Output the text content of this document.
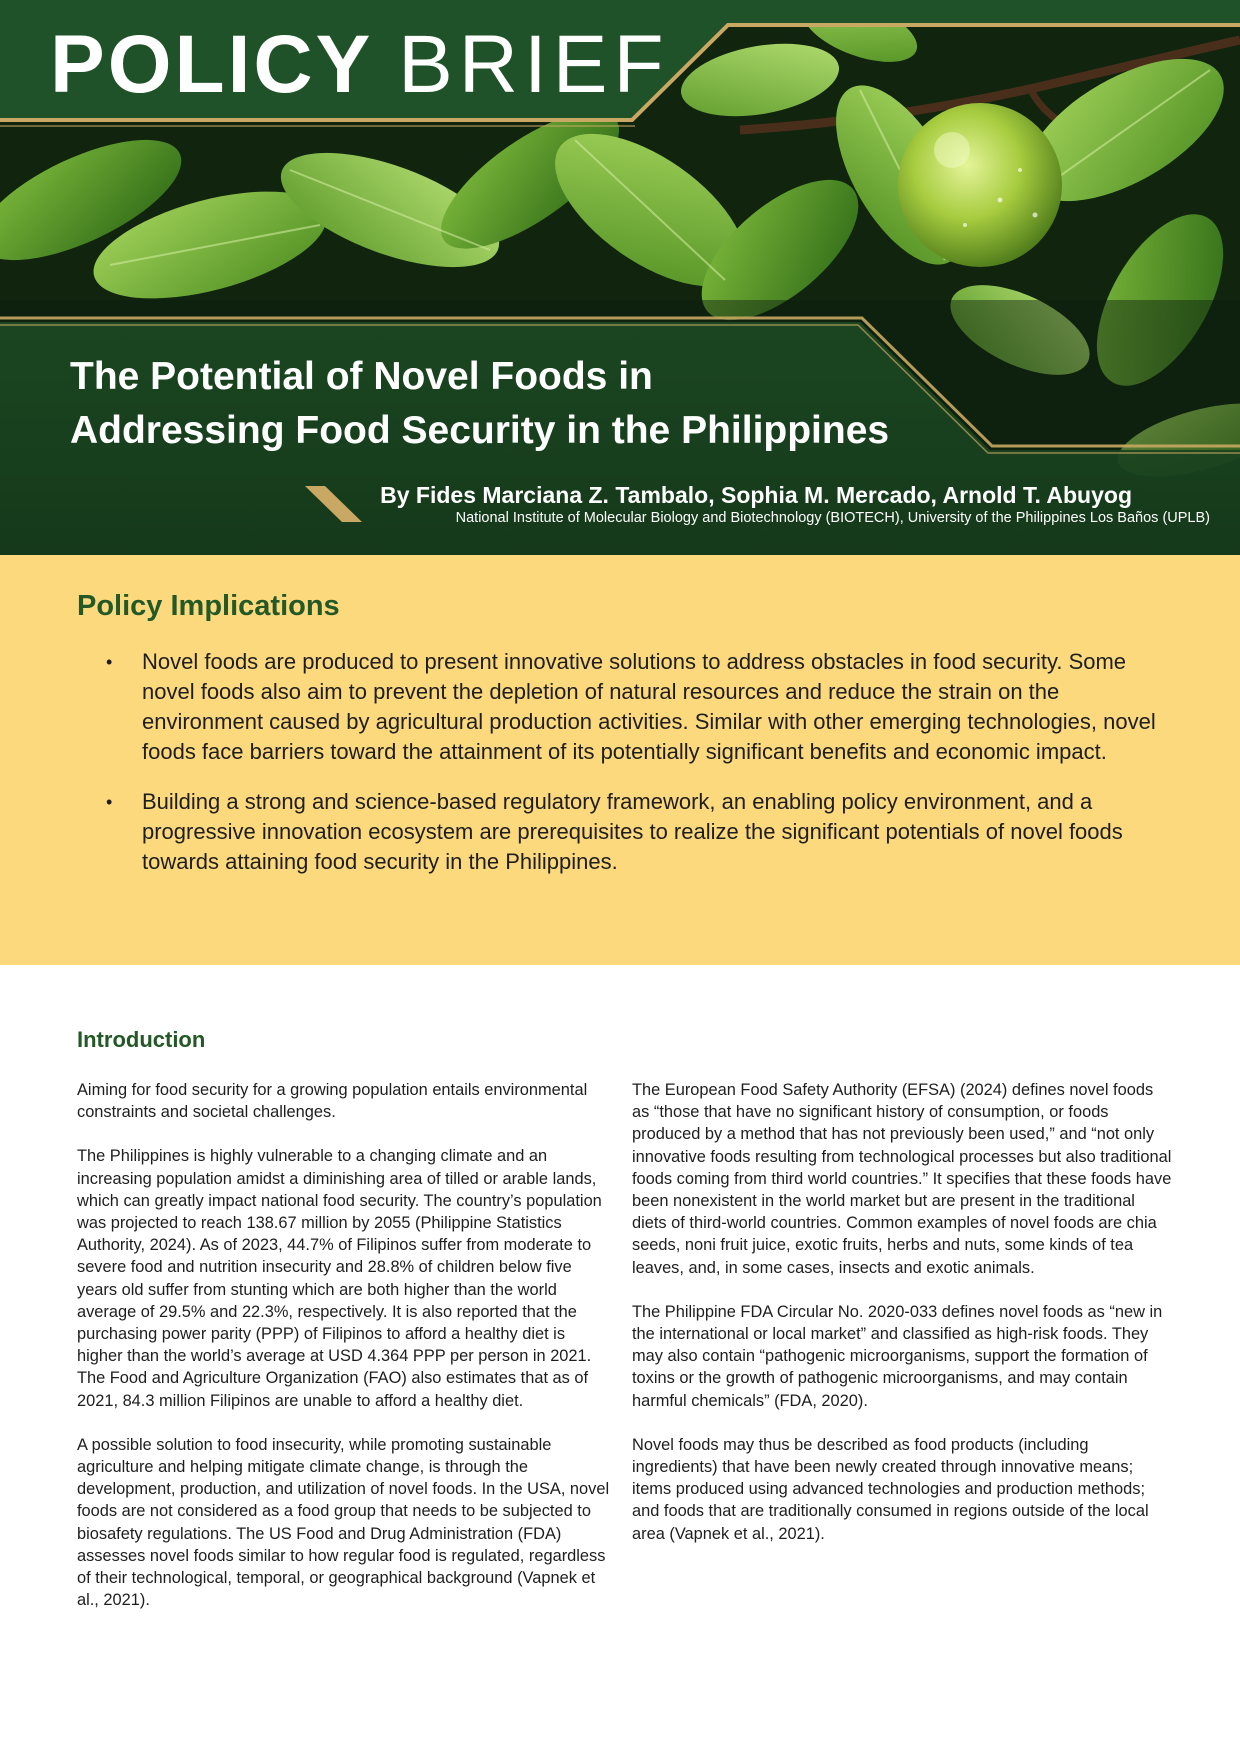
POLICY BRIEF
The Potential of Novel Foods in
Addressing Food Security in the Philippines
By Fides Marciana Z. Tambalo, Sophia M. Mercado, Arnold T. Abuyog
National Institute of Molecular Biology and Biotechnology (BIOTECH), University of the Philippines Los Baños (UPLB)
Policy Implications
• Novel foods are produced to present innovative solutions to address obstacles in food security. Some novel foods also aim to prevent the depletion of natural resources and reduce the strain on the environment caused by agricultural production activities. Similar with other emerging technologies, novel foods face barriers toward the attainment of its potentially significant benefits and economic impact.
• Building a strong and science-based regulatory framework, an enabling policy environment, and a progressive innovation ecosystem are prerequisites to realize the significant potentials of novel foods towards attaining food security in the Philippines.
Introduction

Aiming for food security for a growing population entails environmental constraints and societal challenges.

The Philippines is highly vulnerable to a changing climate and an increasing population amidst a diminishing area of tilled or arable lands, which can greatly impact national food security. The country’s population was projected to reach 138.67 million by 2055 (Philippine Statistics Authority, 2024). As of 2023, 44.7% of Filipinos suffer from moderate to severe food and nutrition insecurity and 28.8% of children below five years old suffer from stunting which are both higher than the world average of 29.5% and 22.3%, respectively. It is also reported that the purchasing power parity (PPP) of Filipinos to afford a healthy diet is higher than the world’s average at USD 4.364 PPP per person in 2021. The Food and Agriculture Organization (FAO) also estimates that as of 2021, 84.3 million Filipinos are unable to afford a healthy diet.

A possible solution to food insecurity, while promoting sustainable agriculture and helping mitigate climate change, is through the development, production, and utilization of novel foods. In the USA, novel foods are not considered as a food group that needs to be subjected to biosafety regulations. The US Food and Drug Administration (FDA) assesses novel foods similar to how regular food is regulated, regardless of their technological, temporal, or geographical background (Vapnek et al., 2021).

The European Food Safety Authority (EFSA) (2024) defines novel foods as “those that have no significant history of consumption, or foods produced by a method that has not previously been used,” and “not only innovative foods resulting from technological processes but also traditional foods coming from third world countries.” It specifies that these foods have been nonexistent in the world market but are present in the traditional diets of third-world countries. Common examples of novel foods are chia seeds, noni fruit juice, exotic fruits, herbs and nuts, some kinds of tea leaves, and, in some cases, insects and exotic animals.

The Philippine FDA Circular No. 2020-033 defines novel foods as “new in the international or local market” and classified as high-risk foods. They may also contain “pathogenic microorganisms, support the formation of toxins or the growth of pathogenic microorganisms, and may contain harmful chemicals” (FDA, 2020).

Novel foods may thus be described as food products (including ingredients) that have been newly created through innovative means; items produced using advanced technologies and production methods; and foods that are traditionally consumed in regions outside of the local area (Vapnek et al., 2021).
